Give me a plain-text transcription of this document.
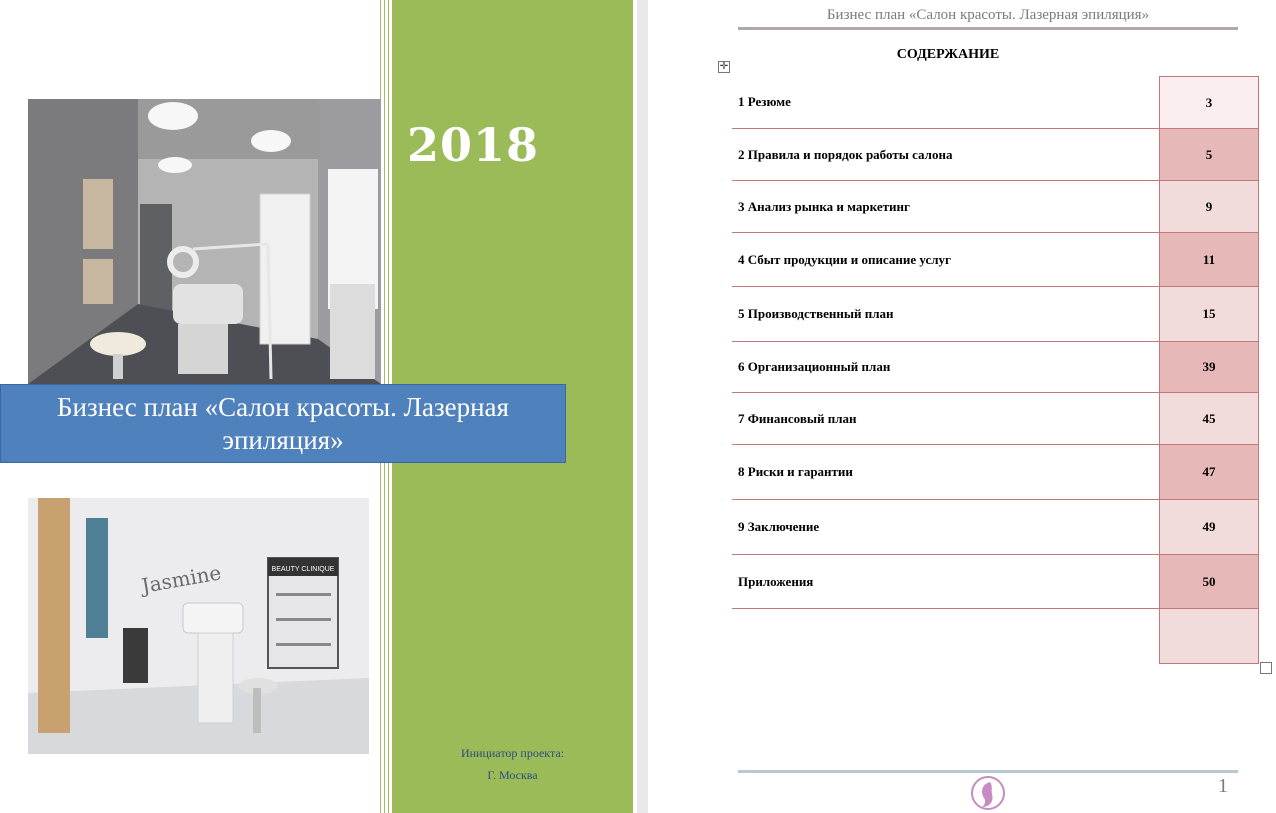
2018
Бизнес план «Салон красоты. Лазерная эпиляция»
BEAUTY CLINIQUE
Jasmine
Инициатор проекта:
Г. Москва
Бизнес план «Салон красоты. Лазерная эпиляция»
СОДЕРЖАНИЕ
✛
1 Резюме	3
2 Правила и порядок работы салона	5
3 Анализ рынка и маркетинг	9
4 Сбыт продукции и описание услуг	11
5 Производственный план	15
6 Организационный план	39
7 Финансовый план	45
8 Риски и гарантии	47
9 Заключение	49
Приложения	50

1
